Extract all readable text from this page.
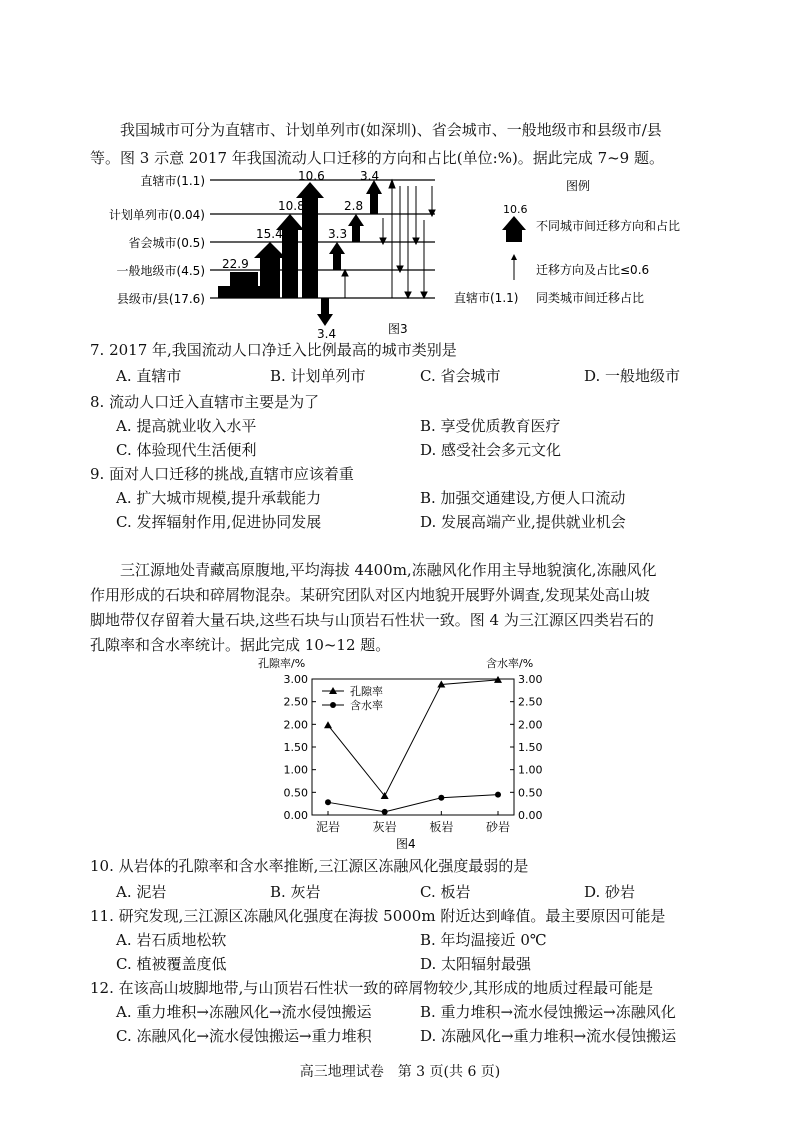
我国城市可分为直辖市、计划单列市(如深圳)、省会城市、一般地级市和县级市/县
等。图 3 示意 2017 年我国流动人口迁移的方向和占比(单位:%)。据此完成 7~9 题。
直辖市(1.1)
计划单列市(0.04)
省会城市(0.5)
一般地级市(4.5)
县级市/县(17.6)
22.9
15.4
10.8
10.6
3.4
3.3
2.8
3.4
图例
10.6
不同城市间迁移方向和占比
迁移方向及占比≤0.6
直辖市(1.1) 同类城市间迁移占比
图3
7. 2017 年,我国流动人口净迁入比例最高的城市类别是
A. 直辖市	B. 计划单列市	C. 省会城市	D. 一般地级市
8. 流动人口迁入直辖市主要是为了
A. 提高就业收入水平	B. 享受优质教育医疗
C. 体验现代生活便利	D. 感受社会多元文化
9. 面对人口迁移的挑战,直辖市应该着重
A. 扩大城市规模,提升承载能力	B. 加强交通建设,方便人口流动
C. 发挥辐射作用,促进协同发展	D. 发展高端产业,提供就业机会
三江源地处青藏高原腹地,平均海拔 4400m,冻融风化作用主导地貌演化,冻融风化
作用形成的石块和碎屑物混杂。某研究团队对区内地貌开展野外调查,发现某处高山坡
脚地带仅存留着大量石块,这些石块与山顶岩石性状一致。图 4 为三江源区四类岩石的
孔隙率和含水率统计。据此完成 10~12 题。
孔隙率/%	含水率/%
图4
0.00	0.00
0.50	0.50
1.00	1.00
1.50	1.50
2.00	2.00
2.50	2.50
3.00	3.00
泥岩	灰岩	板岩	砂岩
孔隙率
含水率
10. 从岩体的孔隙率和含水率推断,三江源区冻融风化强度最弱的是
A. 泥岩	B. 灰岩	C. 板岩	D. 砂岩
11. 研究发现,三江源区冻融风化强度在海拔 5000m 附近达到峰值。最主要原因可能是
A. 岩石质地松软	B. 年均温接近 0℃
C. 植被覆盖度低	D. 太阳辐射最强
12. 在该高山坡脚地带,与山顶岩石性状一致的碎屑物较少,其形成的地质过程最可能是
A. 重力堆积→冻融风化→流水侵蚀搬运	B. 重力堆积→流水侵蚀搬运→冻融风化
C. 冻融风化→流水侵蚀搬运→重力堆积	D. 冻融风化→重力堆积→流水侵蚀搬运
高三地理试卷　第 3 页(共 6 页)
